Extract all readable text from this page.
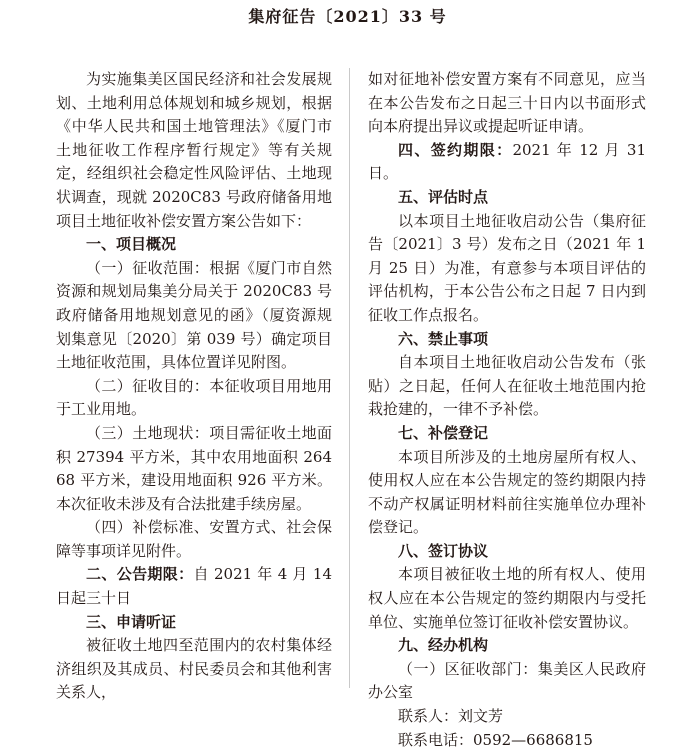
集府征告〔2021〕33 号

为实施集美区国民经济和社会发展规划、土地利用总体规划和城乡规划，根据《中华人民共和国土地管理法》《厦门市土地征收工作程序暂行规定》等有关规定，经组织社会稳定性风险评估、土地现状调查，现就 2020C83 号政府储备用地项目土地征收补偿安置方案公告如下：

一、项目概况

（一）征收范围：根据《厦门市自然资源和规划局集美分局关于 2020C83 号政府储备用地规划意见的函》（厦资源规划集意见〔2020〕第 039 号）确定项目土地征收范围，具体位置详见附图。

（二）征收目的：本征收项目用地用于工业用地。

（三）土地现状：项目需征收土地面积 27394 平方米，其中农用地面积 26468 平方米，建设用地面积 926 平方米。本次征收未涉及有合法批建手续房屋。

（四）补偿标准、安置方式、社会保障等事项详见附件。

二、公告期限：自 2021 年 4 月 14 日起三十日

三、申请听证

被征收土地四至范围内的农村集体经济组织及其成员、村民委员会和其他利害关系人，

如对征地补偿安置方案有不同意见，应当在本公告发布之日起三十日内以书面形式向本府提出异议或提起听证申请。

四、签约期限：2021 年 12 月 31 日。

五、评估时点

以本项目土地征收启动公告（集府征告〔2021〕3 号）发布之日（2021 年 1 月 25 日）为准，有意参与本项目评估的评估机构，于本公告公布之日起 7 日内到征收工作点报名。

六、禁止事项

自本项目土地征收启动公告发布（张贴）之日起，任何人在征收土地范围内抢栽抢建的，一律不予补偿。

七、补偿登记

本项目所涉及的土地房屋所有权人、使用权人应在本公告规定的签约期限内持不动产权属证明材料前往实施单位办理补偿登记。

八、签订协议

本项目被征收土地的所有权人、使用权人应在本公告规定的签约期限内与受托单位、实施单位签订征收补偿安置协议。

九、经办机构

（一）区征收部门：集美区人民政府办公室

联系人：刘文芳

联系电话：0592—6686815
